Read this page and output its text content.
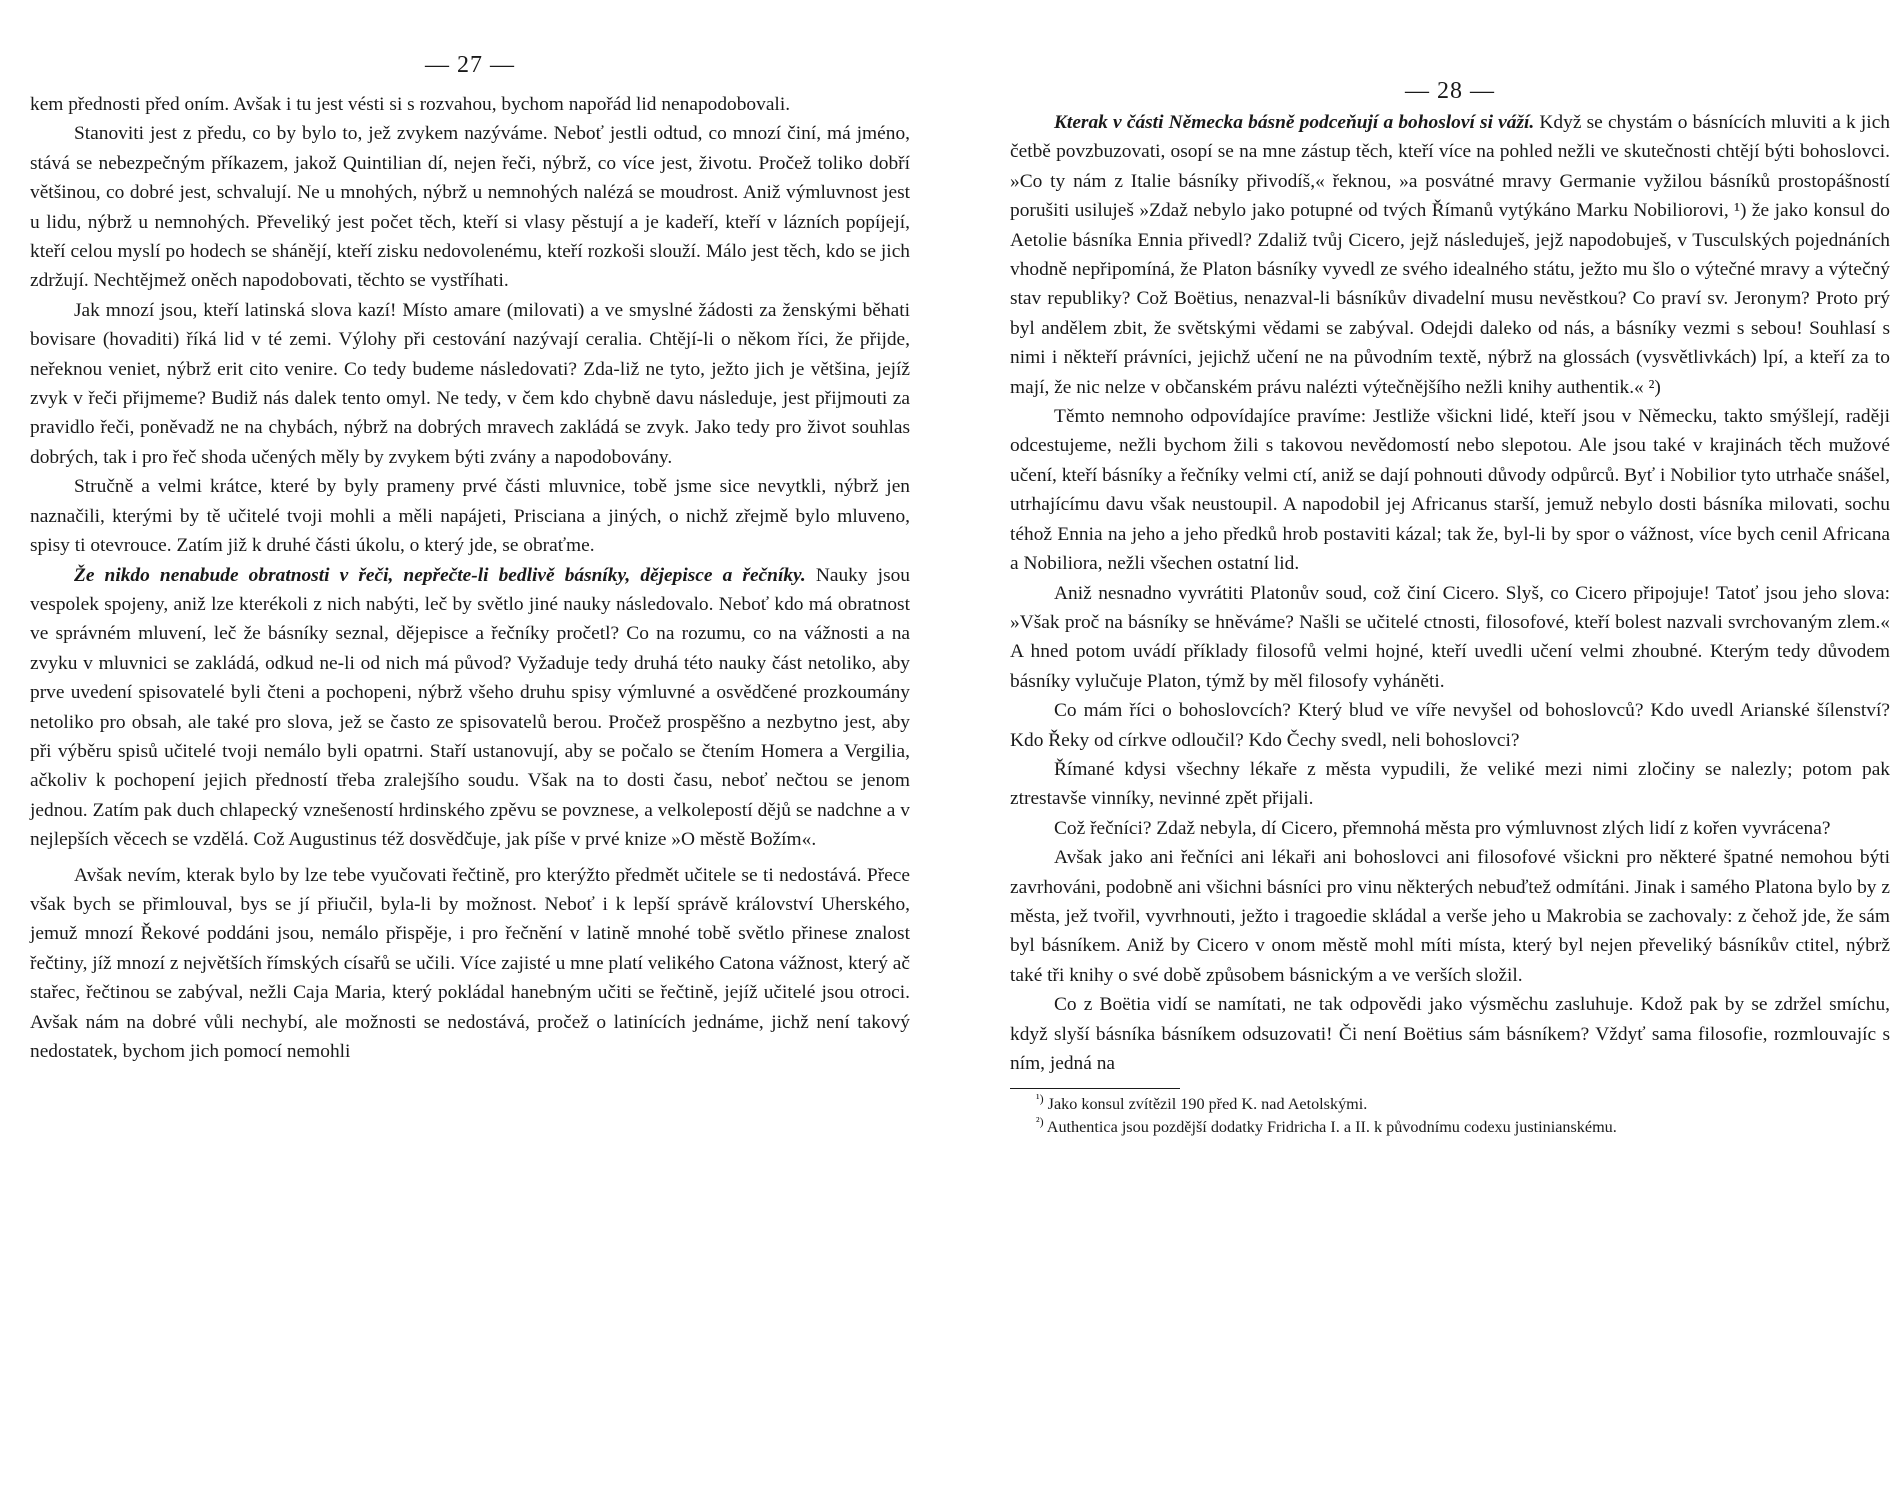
— 27 —

kem přednosti před oním. Avšak i tu jest vésti si s rozvahou, bychom napořád lid nenapodobovali.

Stanoviti jest z předu, co by bylo to, jež zvykem nazýváme. Neboť jestli odtud, co mnozí činí, má jméno, stává se nebezpečným příkazem, jakož Quintilian dí, nejen řeči, nýbrž, co více jest, životu. Pročež toliko dobří většinou, co dobré jest, schvalují. Ne u mnohých, nýbrž u nemnohých nalézá se moudrost. Aniž výmluvnost jest u lidu, nýbrž u nemnohých. Převeliký jest počet těch, kteří si vlasy pěstují a je kadeří, kteří v lázních popíjejí, kteří celou myslí po hodech se shánějí, kteří zisku nedovolenému, kteří rozkoši slouží. Málo jest těch, kdo se jich zdržují. Nechtějmež oněch napodobovati, těchto se vystříhati.

Jak mnozí jsou, kteří latinská slova kazí! Místo amare (milovati) a ve smyslné žádosti za ženskými běhati bovisare (hovaditi) říká lid v té zemi. Výlohy při cestování nazývají ceralia. Chtějí-li o někom říci, že přijde, neřeknou veniet, nýbrž erit cito venire. Co tedy budeme následovati? Zda-liž ne tyto, ježto jich je většina, jejíž zvyk v řeči přijmeme? Budiž nás dalek tento omyl. Ne tedy, v čem kdo chybně davu následuje, jest přijmouti za pravidlo řeči, poněvadž ne na chybách, nýbrž na dobrých mravech zakládá se zvyk. Jako tedy pro život souhlas dobrých, tak i pro řeč shoda učených měly by zvykem býti zvány a napodobovány.

Stručně a velmi krátce, které by byly prameny prvé části mluvnice, tobě jsme sice nevytkli, nýbrž jen naznačili, kterými by tě učitelé tvoji mohli a měli napájeti, Prisciana a jiných, o nichž zřejmě bylo mluveno, spisy ti otevrouce. Zatím již k druhé části úkolu, o který jde, se obraťme.

Že nikdo nenabude obratnosti v řeči, nepřečte-li bedlivě básníky, dějepisce a řečníky. Nauky jsou vespolek spojeny, aniž lze kterékoli z nich nabýti, leč by světlo jiné nauky následovalo. Neboť kdo má obratnost ve správném mluvení, leč že básníky seznal, dějepisce a řečníky pročetl? Co na rozumu, co na vážnosti a na zvyku v mluvnici se zakládá, odkud ne-li od nich má původ? Vyžaduje tedy druhá této nauky část netoliko, aby prve uvedení spisovatelé byli čteni a pochopeni, nýbrž všeho druhu spisy výmluvné a osvědčené prozkoumány netoliko pro obsah, ale také pro slova, jež se často ze spisovatelů berou. Pročež prospěšno a nezbytno jest, aby při výběru spisů učitelé tvoji nemálo byli opatrni. Staří ustanovují, aby se počalo se čtením Homera a Vergilia, ačkoliv k pochopení jejich předností třeba zralejšího soudu. Však na to dosti času, neboť nečtou se jenom jednou. Zatím pak duch chlapecký vznešeností hrdinského zpěvu se povznese, a velkolepostí dějů se nadchne a v nejlepších věcech se vzdělá. Což Augustinus též dosvědčuje, jak píše v prvé knize »O městě Božím«.

Avšak nevím, kterak bylo by lze tebe vyučovati řečtině, pro kterýžto předmět učitele se ti nedostává. Přece však bych se přimlouval, bys se jí přiučil, byla-li by možnost. Neboť i k lepší správě království Uherského, jemuž mnozí Řekové poddáni jsou, nemálo přispěje, i pro řečnění v latině mnohé tobě světlo přinese znalost řečtiny, jíž mnozí z největších římských císařů se učili. Více zajisté u mne platí velikého Catona vážnost, který ač stařec, řečtinou se zabýval, nežli Caja Maria, který pokládal hanebným učiti se řečtině, jejíž učitelé jsou otroci. Avšak nám na dobré vůli nechybí, ale možnosti se nedostává, pročež o latinících jednáme, jichž není takový nedostatek, bychom jich pomocí nemohli

— 28 —

Kterak v části Německa básně podceňují a bohosloví si váží. Když se chystám o básnících mluviti a k jich četbě povzbuzovati, osopí se na mne zástup těch, kteří více na pohled nežli ve skutečnosti chtějí býti bohoslovci. »Co ty nám z Italie básníky přivodíš,« řeknou, »a posvátné mravy Germanie vyžilou básníků prostopášností porušiti usiluješ »Zdaž nebylo jako potupné od tvých Římanů vytýkáno Marku Nobiliorovi, ¹) že jako konsul do Aetolie básníka Ennia přivedl? Zdaliž tvůj Cicero, jejž následuješ, jejž napodobuješ, v Tusculských pojednáních vhodně nepřipomíná, že Platon básníky vyvedl ze svého idealného státu, ježto mu šlo o výtečné mravy a výtečný stav republiky? Což Boëtius, nenazval-li básníkův divadelní musu nevěstkou? Co praví sv. Jeronym? Proto prý byl andělem zbit, že světskými vědami se zabýval. Odejdi daleko od nás, a básníky vezmi s sebou! Souhlasí s nimi i někteří právníci, jejichž učení ne na původním textě, nýbrž na glossách (vysvětlivkách) lpí, a kteří za to mají, že nic nelze v občanském právu nalézti výtečnějšího nežli knihy authentik.« ²)

Těmto nemnoho odpovídajíce pravíme: Jestliže všickni lidé, kteří jsou v Německu, takto smýšlejí, raději odcestujeme, nežli bychom žili s takovou nevědomostí nebo slepotou. Ale jsou také v krajinách těch mužové učení, kteří básníky a řečníky velmi ctí, aniž se dají pohnouti důvody odpůrců. Byť i Nobilior tyto utrhače snášel, utrhajícímu davu však neustoupil. A napodobil jej Africanus starší, jemuž nebylo dosti básníka milovati, sochu téhož Ennia na jeho a jeho předků hrob postaviti kázal; tak že, byl-li by spor o vážnost, více bych cenil Africana a Nobiliora, nežli všechen ostatní lid.

Aniž nesnadno vyvrátiti Platonův soud, což činí Cicero. Slyš, co Cicero připojuje! Tatoť jsou jeho slova: »Však proč na básníky se hněváme? Našli se učitelé ctnosti, filosofové, kteří bolest nazvali svrchovaným zlem.« A hned potom uvádí příklady filosofů velmi hojné, kteří uvedli učení velmi zhoubné. Kterým tedy důvodem básníky vylučuje Platon, týmž by měl filosofy vyháněti.

Co mám říci o bohoslovcích? Který blud ve víře nevyšel od bohoslovců? Kdo uvedl Arianské šílenství? Kdo Řeky od církve odloučil? Kdo Čechy svedl, neli bohoslovci?

Římané kdysi všechny lékaře z města vypudili, že veliké mezi nimi zločiny se nalezly; potom pak ztrestavše vinníky, nevinné zpět přijali.

Což řečníci? Zdaž nebyla, dí Cicero, přemnohá města pro výmluvnost zlých lidí z kořen vyvrácena?

Avšak jako ani řečníci ani lékaři ani bohoslovci ani filosofové všickni pro některé špatné nemohou býti zavrhováni, podobně ani všichni básníci pro vinu některých nebuďtež odmítáni. Jinak i samého Platona bylo by z města, jež tvořil, vyvrhnouti, ježto i tragoedie skládal a verše jeho u Makrobia se zachovaly: z čehož jde, že sám byl básníkem. Aniž by Cicero v onom městě mohl míti místa, který byl nejen převeliký básníkův ctitel, nýbrž také tři knihy o své době způsobem básnickým a ve verších složil.

Co z Boëtia vidí se namítati, ne tak odpovědi jako výsměchu zasluhuje. Kdož pak by se zdržel smíchu, když slyší básníka básníkem odsuzovati! Či není Boëtius sám básníkem? Vždyť sama filosofie, rozmlouvajíc s ním, jedná na

$^{^1)}$ Jako konsul zvítězil 190 před K. nad Aetolskými.

$^{^2)}$ Authentica jsou pozdější dodatky Fridricha I. a II. k původnímu codexu justinianskému.
